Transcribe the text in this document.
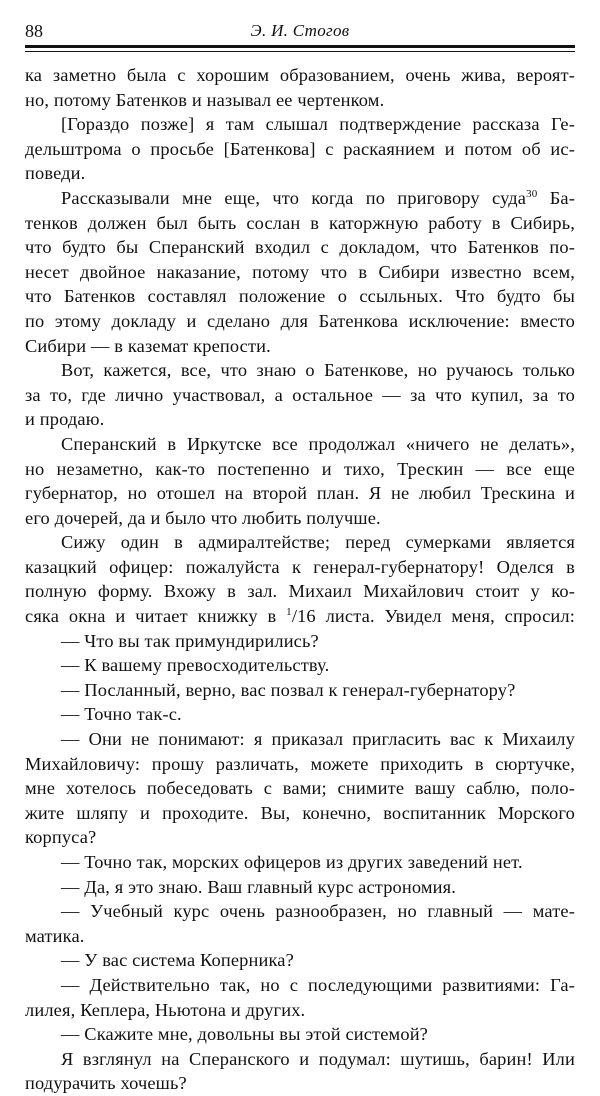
88	Э. И. Стогов
ка заметно была с хорошим образованием, очень жива, вероят-
но, потому Батенков и называл ее чертенком.
[Гораздо позже] я там слышал подтверждение рассказа Ге-
дельштрома о просьбе [Батенкова] с раскаянием и потом об ис-
поведи.
Рассказывали мне еще, что когда по приговору суда$^{30}$ Ба-
тенков должен был быть сослан в каторжную работу в Сибирь,
что будто бы Сперанский входил с докладом, что Батенков по-
несет двойное наказание, потому что в Сибири известно всем,
что Батенков составлял положение о ссыльных. Что будто бы
по этому докладу и сделано для Батенкова исключение: вместо
Сибири — в каземат крепости.
Вот, кажется, все, что знаю о Батенкове, но ручаюсь только
за то, где лично участвовал, а остальное — за что купил, за то
и продаю.
Сперанский в Иркутске все продолжал «ничего не делать»,
но незаметно, как-то постепенно и тихо, Трескин — все еще
губернатор, но отошел на второй план. Я не любил Трескина и
его дочерей, да и было что любить получше.
Сижу один в адмиралтействе; перед сумерками является
казацкий офицер: пожалуйста к генерал-губернатору! Оделся в
полную форму. Вхожу в зал. Михаил Михайлович стоит у ко-
сяка окна и читает книжку в $^1$/16 листа. Увидел меня, спросил:
— Что вы так примундирились?
— К вашему превосходительству.
— Посланный, верно, вас позвал к генерал-губернатору?
— Точно так-с.
— Они не понимают: я приказал пригласить вас к Михаилу
Михайловичу: прошу различать, можете приходить в сюртучке,
мне хотелось побеседовать с вами; снимите вашу саблю, поло-
жите шляпу и проходите. Вы, конечно, воспитанник Морского
корпуса?
— Точно так, морских офицеров из других заведений нет.
— Да, я это знаю. Ваш главный курс астрономия.
— Учебный курс очень разнообразен, но главный — мате-
матика.
— У вас система Коперника?
— Действительно так, но с последующими развитиями: Га-
лилея, Кеплера, Ньютона и других.
— Скажите мне, довольны вы этой системой?
Я взглянул на Сперанского и подумал: шутишь, барин! Или
подурачить хочешь?
